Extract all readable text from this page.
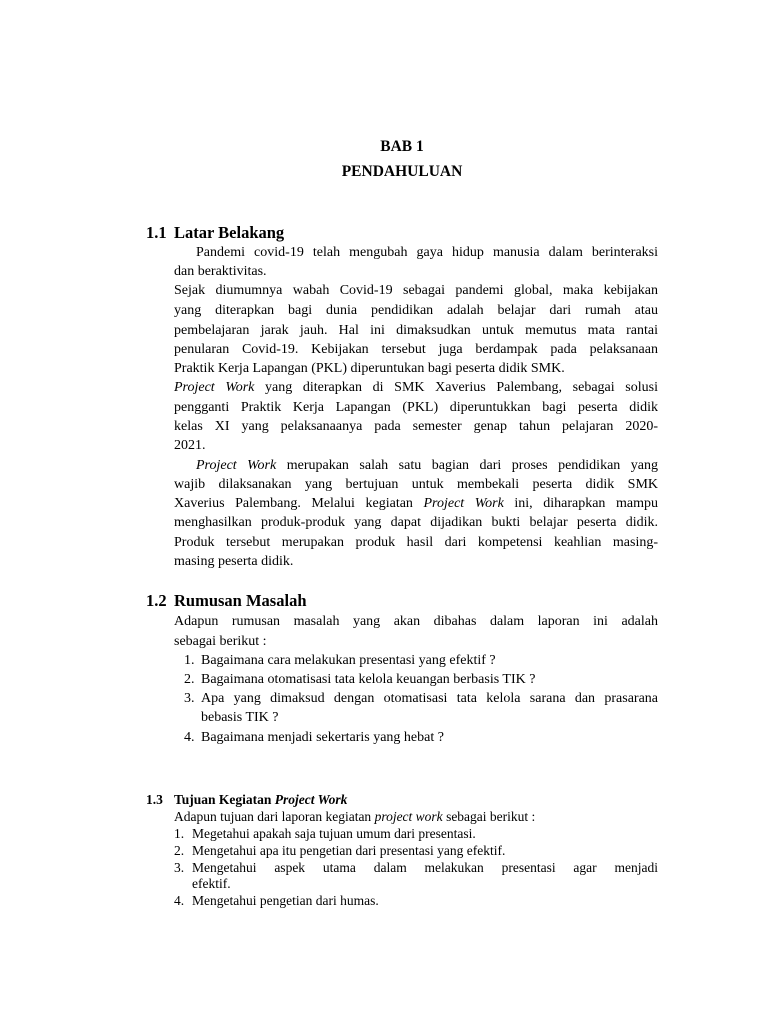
BAB 1
PENDAHULUAN
1.1 Latar Belakang
Pandemi covid-19 telah mengubah gaya hidup manusia dalam berinteraksi
dan beraktivitas.
Sejak diumumnya wabah Covid-19 sebagai pandemi global, maka kebijakan
yang diterapkan bagi dunia pendidikan adalah belajar dari rumah atau
pembelajaran jarak jauh. Hal ini dimaksudkan untuk memutus mata rantai
penularan Covid-19. Kebijakan tersebut juga berdampak pada pelaksanaan
Praktik Kerja Lapangan (PKL) diperuntukan bagi peserta didik SMK.
Project Work yang diterapkan di SMK Xaverius Palembang, sebagai solusi
pengganti Praktik Kerja Lapangan (PKL) diperuntukkan bagi peserta didik
kelas XI yang pelaksanaanya pada semester genap tahun pelajaran 2020-
2021.
Project Work merupakan salah satu bagian dari proses pendidikan yang
wajib dilaksanakan yang bertujuan untuk membekali peserta didik SMK
Xaverius Palembang. Melalui kegiatan Project Work ini, diharapkan mampu
menghasilkan produk-produk yang dapat dijadikan bukti belajar peserta didik.
Produk tersebut merupakan produk hasil dari kompetensi keahlian masing-
masing peserta didik.
1.2 Rumusan Masalah
Adapun rumusan masalah yang akan dibahas dalam laporan ini adalah
sebagai berikut :
1. Bagaimana cara melakukan presentasi yang efektif ?
2. Bagaimana otomatisasi tata kelola keuangan berbasis TIK ?
3. Apa yang dimaksud dengan otomatisasi tata kelola sarana dan prasarana
bebasis TIK ?
4. Bagaimana menjadi sekertaris yang hebat ?
1.3 Tujuan Kegiatan Project Work
Adapun tujuan dari laporan kegiatan project work sebagai berikut :
1. Megetahui apakah saja tujuan umum dari presentasi.
2. Mengetahui apa itu pengetian dari presentasi yang efektif.
3. Mengetahui aspek utama dalam melakukan presentasi agar menjadi
efektif.
4. Mengetahui pengetian dari humas.
